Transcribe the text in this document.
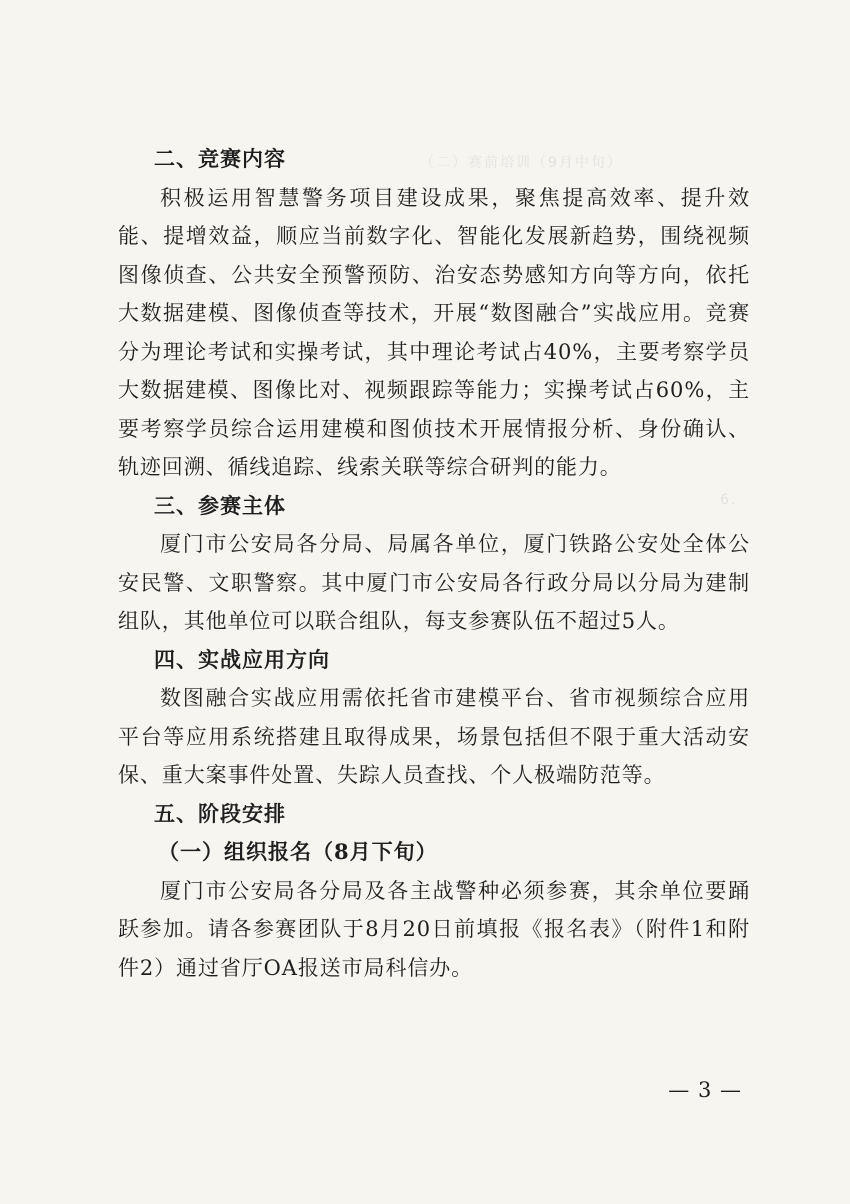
（二）赛前培训（9月中旬）
6.
二、竞赛内容

积极运用智慧警务项目建设成果，聚焦提高效率、提升效能、提增效益，顺应当前数字化、智能化发展新趋势，围绕视频图像侦查、公共安全预警预防、治安态势感知方向等方向，依托大数据建模、图像侦查等技术，开展“数图融合”实战应用。竞赛分为理论考试和实操考试，其中理论考试占40%，主要考察学员大数据建模、图像比对、视频跟踪等能力；实操考试占60%，主要考察学员综合运用建模和图侦技术开展情报分析、身份确认、轨迹回溯、循线追踪、线索关联等综合研判的能力。

三、参赛主体

厦门市公安局各分局、局属各单位，厦门铁路公安处全体公安民警、文职警察。其中厦门市公安局各行政分局以分局为建制组队，其他单位可以联合组队，每支参赛队伍不超过5人。

四、实战应用方向

数图融合实战应用需依托省市建模平台、省市视频综合应用平台等应用系统搭建且取得成果，场景包括但不限于重大活动安保、重大案事件处置、失踪人员查找、个人极端防范等。

五、阶段安排
（一）组织报名（8月下旬）

厦门市公安局各分局及各主战警种必须参赛，其余单位要踊跃参加。请各参赛团队于8月20日前填报《报名表》（附件1和附件2）通过省厅OA报送市局科信办。

— 3 —
